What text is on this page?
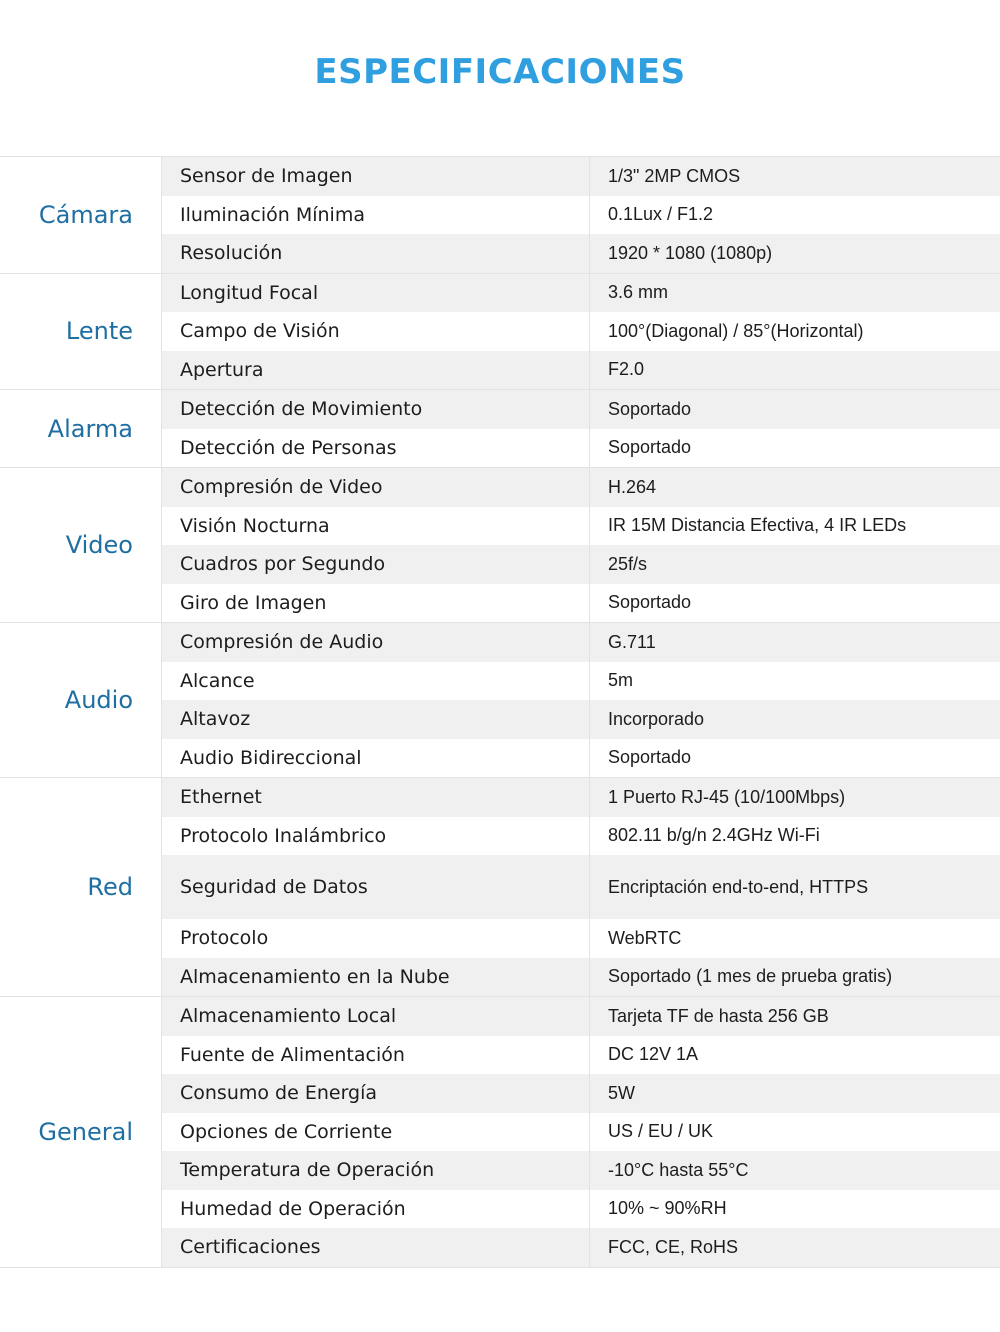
ESPECIFICACIONES
Cámara
Sensor de Imagen	1/3" 2MP CMOS
Iluminación Mínima	0.1Lux / F1.2
Resolución	1920 * 1080 (1080p)
Lente
Longitud Focal	3.6 mm
Campo de Visión	100°(Diagonal) / 85°(Horizontal)
Apertura	F2.0
Alarma
Detección de Movimiento	Soportado
Detección de Personas	Soportado
Video
Compresión de Video	H.264
Visión Nocturna	IR 15M Distancia Efectiva, 4 IR LEDs
Cuadros por Segundo	25f/s
Giro de Imagen	Soportado
Audio
Compresión de Audio	G.711
Alcance	5m
Altavoz	Incorporado
Audio Bidireccional	Soportado
Red
Ethernet	1 Puerto RJ-45 (10/100Mbps)
Protocolo Inalámbrico	802.11 b/g/n 2.4GHz Wi-Fi
Seguridad de Datos	Encriptación end-to-end, HTTPS
Protocolo	WebRTC
Almacenamiento en la Nube	Soportado (1 mes de prueba gratis)
General
Almacenamiento Local	Tarjeta TF de hasta 256 GB
Fuente de Alimentación	DC 12V 1A
Consumo de Energía	5W
Opciones de Corriente	US / EU / UK
Temperatura de Operación	-10°C hasta 55°C
Humedad de Operación	10% ~ 90%RH
Certificaciones	FCC, CE, RoHS
